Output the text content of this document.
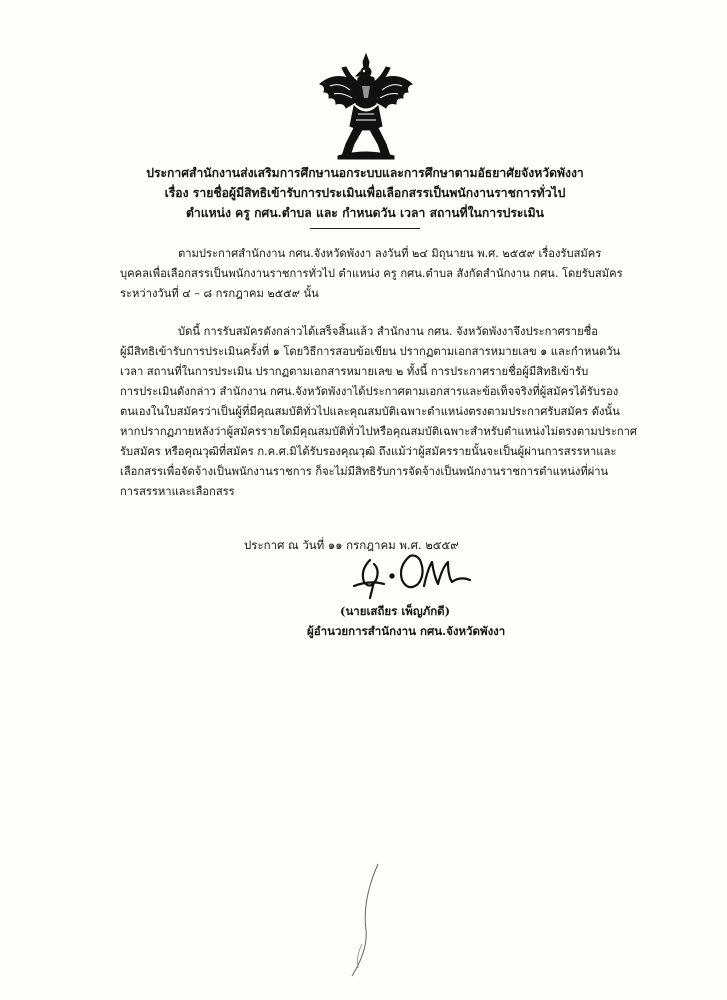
ประกาศสำนักงานส่งเสริมการศึกษานอกระบบและการศึกษาตามอัธยาศัยจังหวัดพังงา
เรื่อง รายชื่อผู้มีสิทธิเข้ารับการประเมินเพื่อเลือกสรรเป็นพนักงานราชการทั่วไป
ตำแหน่ง ครู กศน.ตำบล และ กำหนดวัน เวลา สถานที่ในการประเมิน
ตามประกาศสำนักงาน กศน.จังหวัดพังงา ลงวันที่ ๒๔ มิถุนายน พ.ศ. ๒๕๕๙ เรื่องรับสมัคร
บุคคลเพื่อเลือกสรรเป็นพนักงานราชการทั่วไป ตำแหน่ง ครู กศน.ตำบล สังกัดสำนักงาน กศน. โดยรับสมัคร
ระหว่างวันที่ ๔ – ๘ กรกฎาคม ๒๕๕๙ นั้น
บัดนี้ การรับสมัครดังกล่าวได้เสร็จสิ้นแล้ว สำนักงาน กศน. จังหวัดพังงาจึงประกาศรายชื่อ
ผู้มีสิทธิเข้ารับการประเมินครั้งที่ ๑ โดยวิธีการสอบข้อเขียน ปรากฏตามเอกสารหมายเลข ๑ และกำหนดวัน
เวลา สถานที่ในการประเมิน ปรากฏตามเอกสารหมายเลข ๒ ทั้งนี้ การประกาศรายชื่อผู้มีสิทธิเข้ารับ
การประเมินดังกล่าว สำนักงาน กศน.จังหวัดพังงาได้ประกาศตามเอกสารและข้อเท็จจริงที่ผู้สมัครได้รับรอง
ตนเองในใบสมัครว่าเป็นผู้ที่มีคุณสมบัติทั่วไปและคุณสมบัติเฉพาะตำแหน่งตรงตามประกาศรับสมัคร ดังนั้น
หากปรากฏภายหลังว่าผู้สมัครรายใดมีคุณสมบัติทั่วไปหรือคุณสมบัติเฉพาะสำหรับตำแหน่งไม่ตรงตามประกาศ
รับสมัคร หรือคุณวุฒิที่สมัคร ก.ค.ศ.มิได้รับรองคุณวุฒิ ถึงแม้ว่าผู้สมัครรายนั้นจะเป็นผู้ผ่านการสรรหาและ
เลือกสรรเพื่อจัดจ้างเป็นพนักงานราชการ ก็จะไม่มีสิทธิรับการจัดจ้างเป็นพนักงานราชการตำแหน่งที่ผ่าน
การสรรหาและเลือกสรร
ประกาศ ณ วันที่ ๑๑ กรกฎาคม พ.ศ. ๒๕๕๙
(นายเสถียร เพ็ญภักดี)
ผู้อำนวยการสำนักงาน กศน.จังหวัดพังงา
